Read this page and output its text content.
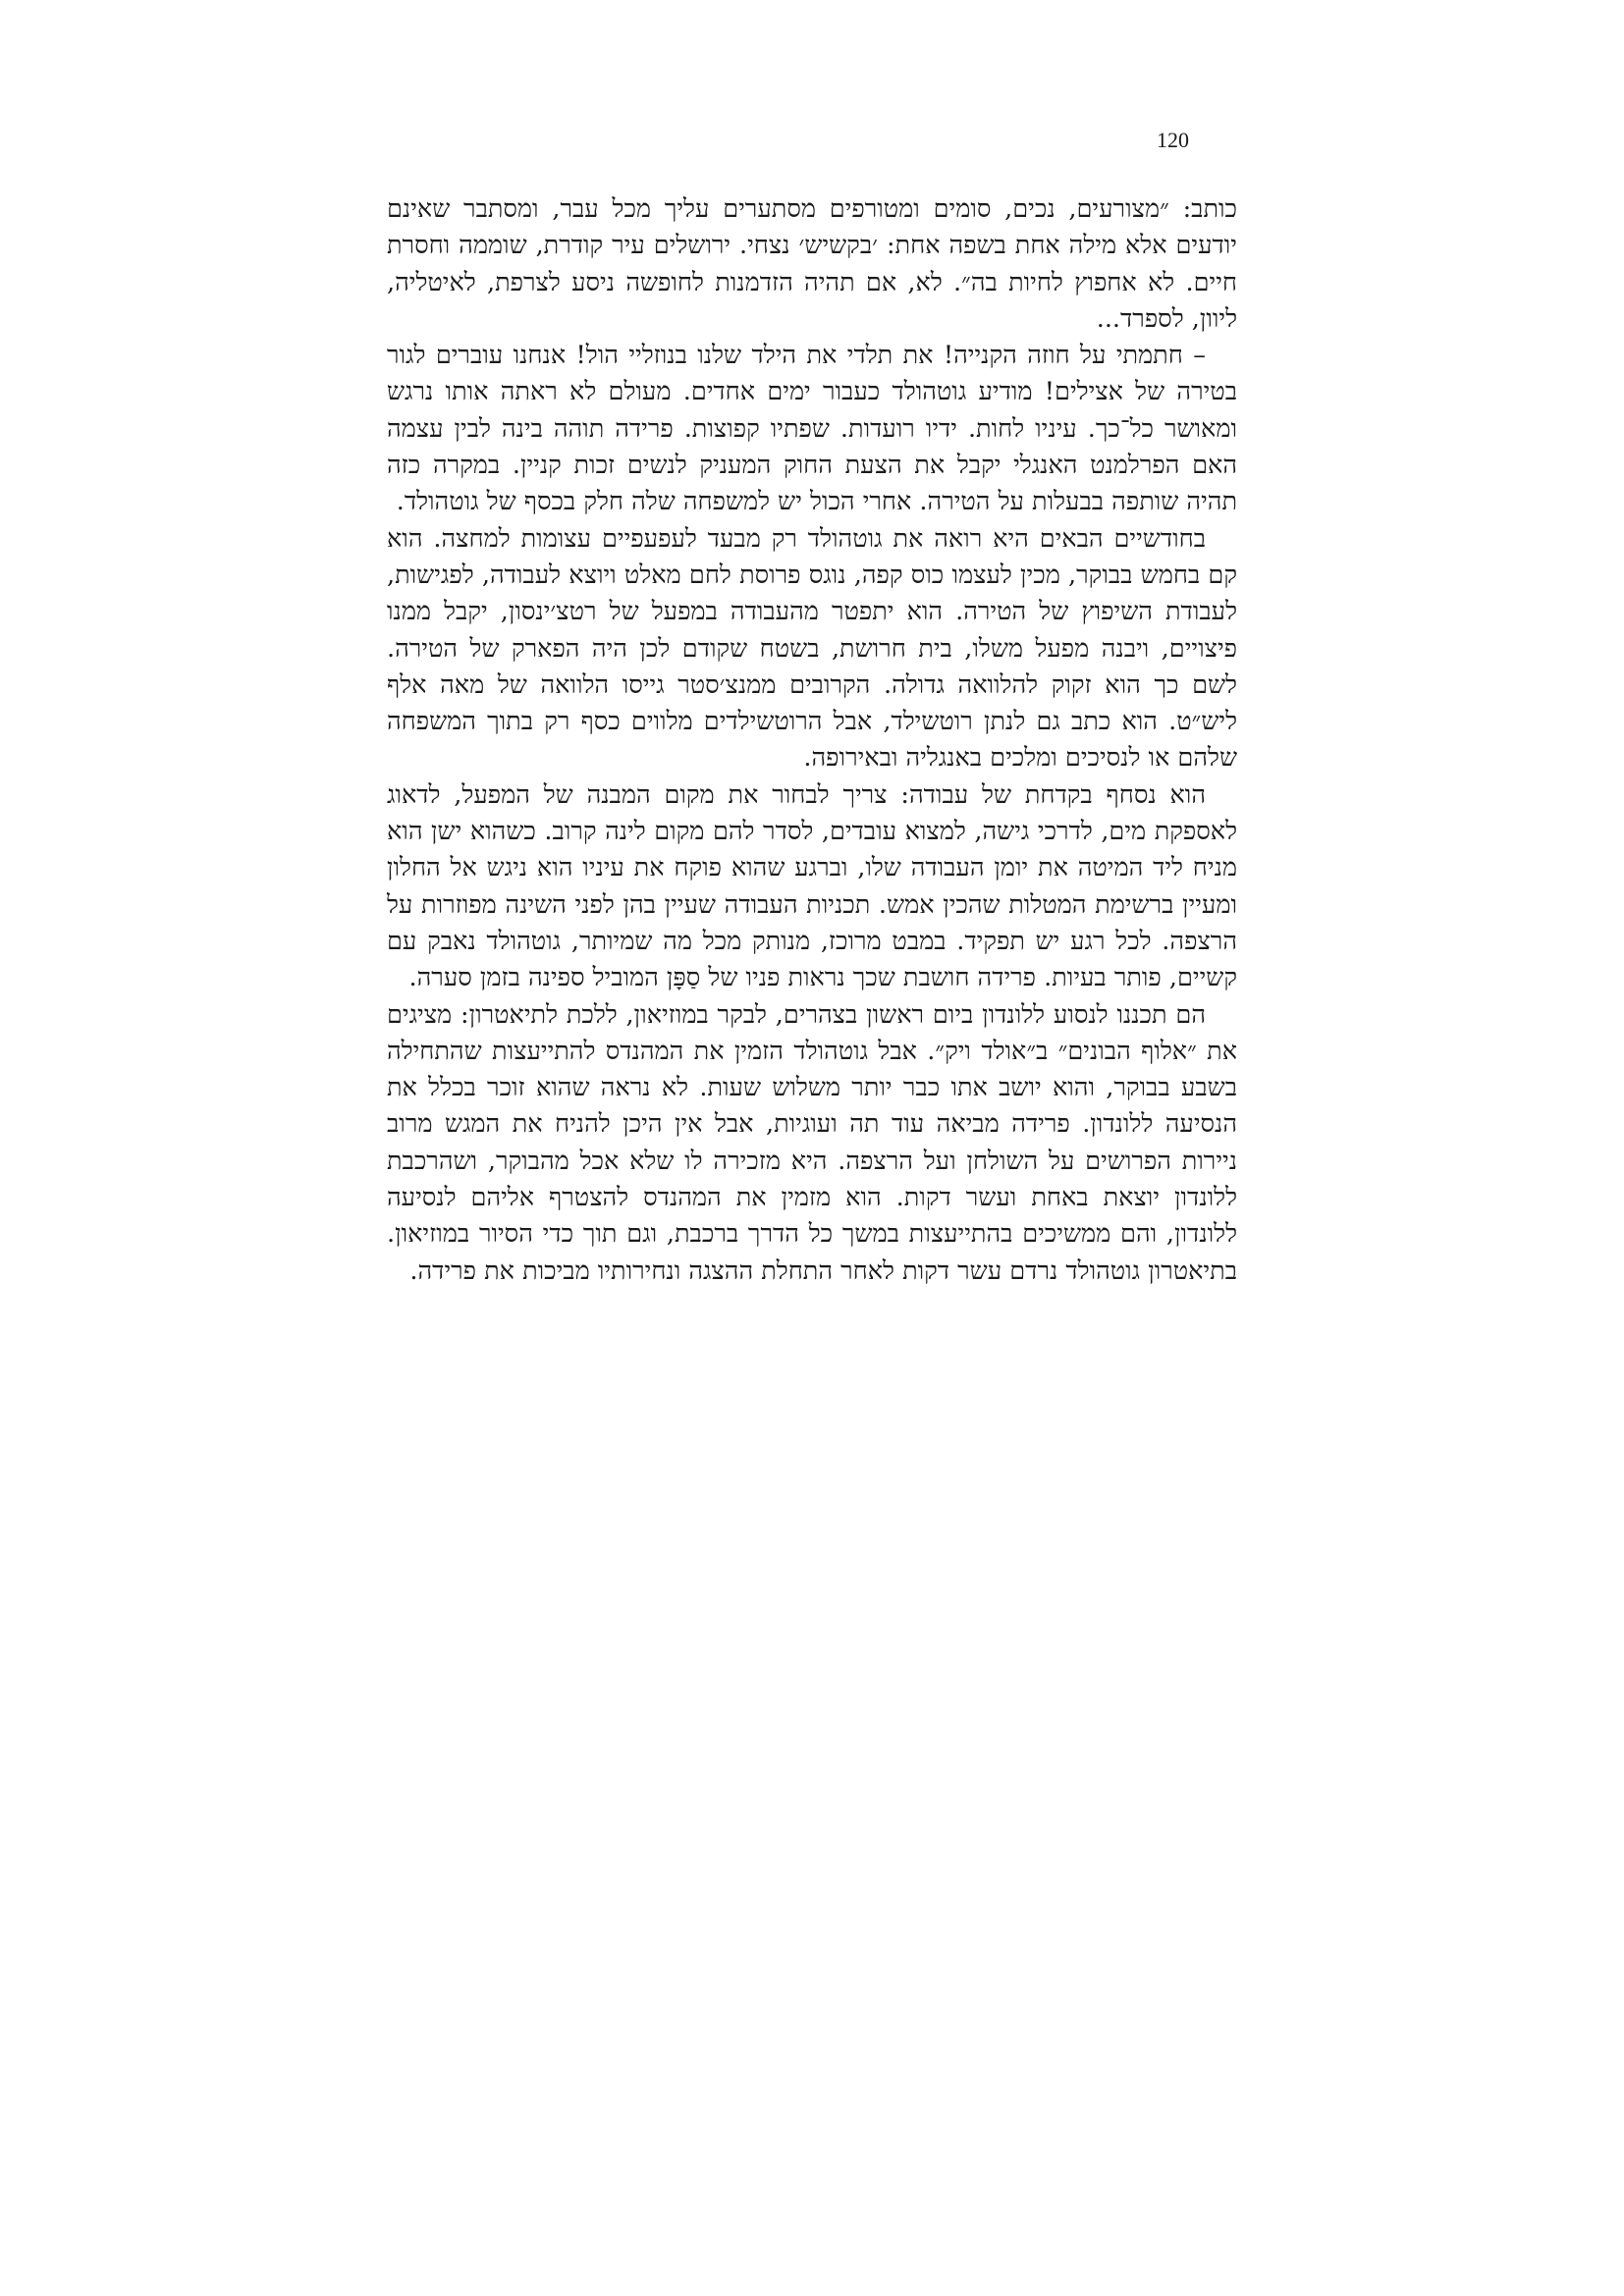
120

כותב: ״מצורעים, נכים, סומים ומטורפים מסתערים עליך מכל עבר, ומסתבר שאינם יודעים אלא מילה אחת בשפה אחת: ׳בקשיש׳ נצחי. ירושלים עיר קודרת, שוממה וחסרת חיים. לא אחפוץ לחיות בה״. לא, אם תהיה הזדמנות לחופשה ניסע לצרפת, לאיטליה, ליוון, לספרד...

– חתמתי על חוזה הקנייה! את תלדי את הילד שלנו בנוזליי הול! אנחנו עוברים לגור בטירה של אצילים! מודיע גוטהולד כעבור ימים אחדים. מעולם לא ראתה אותו נרגש ומאושר כל־כך. עיניו לחות. ידיו רועדות. שפתיו קפוצות. פרידה תוהה בינה לבין עצמה האם הפרלמנט האנגלי יקבל את הצעת החוק המעניק לנשים זכות קניין. במקרה כזה תהיה שותפה בבעלות על הטירה. אחרי הכול יש למשפחה שלה חלק בכסף של גוטהולד.

בחודשיים הבאים היא רואה את גוטהולד רק מבעד לעפעפיים עצומות למחצה. הוא קם בחמש בבוקר, מכין לעצמו כוס קפה, נוגס פרוסת לחם מאלט ויוצא לעבודה, לפגישות, לעבודת השיפוץ של הטירה. הוא יתפטר מהעבודה במפעל של רטצ׳ינסון, יקבל ממנו פיצויים, ויבנה מפעל משלו, בית חרושת, בשטח שקודם לכן היה הפארק של הטירה. לשם כך הוא זקוק להלוואה גדולה. הקרובים ממנצ׳סטר גייסו הלוואה של מאה אלף ליש״ט. הוא כתב גם לנתן רוטשילד, אבל הרוטשילדים מלווים כסף רק בתוך המשפחה שלהם או לנסיכים ומלכים באנגליה ובאירופה.

הוא נסחף בקדחת של עבודה: צריך לבחור את מקום המבנה של המפעל, לדאוג לאספקת מים, לדרכי גישה, למצוא עובדים, לסדר להם מקום לינה קרוב. כשהוא ישן הוא מניח ליד המיטה את יומן העבודה שלו, וברגע שהוא פוקח את עיניו הוא ניגש אל החלון ומעיין ברשימת המטלות שהכין אמש. תכניות העבודה שעיין בהן לפני השינה מפוזרות על הרצפה. לכל רגע יש תפקיד. במבט מרוכז, מנותק מכל מה שמיותר, גוטהולד נאבק עם קשיים, פותר בעיות. פרידה חושבת שכך נראות פניו של סַפָּן המוביל ספינה בזמן סערה.

הם תכננו לנסוע ללונדון ביום ראשון בצהרים, לבקר במוזיאון, ללכת לתיאטרון: מציגים את ״אלוף הבונים״ ב״אולד ויק״. אבל גוטהולד הזמין את המהנדס להתייעצות שהתחילה בשבע בבוקר, והוא יושב אתו כבר יותר משלוש שעות. לא נראה שהוא זוכר בכלל את הנסיעה ללונדון. פרידה מביאה עוד תה ועוגיות, אבל אין היכן להניח את המגש מרוב ניירות הפרושים על השולחן ועל הרצפה. היא מזכירה לו שלא אכל מהבוקר, ושהרכבת ללונדון יוצאת באחת ועשר דקות. הוא מזמין את המהנדס להצטרף אליהם לנסיעה ללונדון, והם ממשיכים בהתייעצות במשך כל הדרך ברכבת, וגם תוך כדי הסיור במוזיאון. בתיאטרון גוטהולד נרדם עשר דקות לאחר התחלת ההצגה ונחירותיו מביכות את פרידה.
